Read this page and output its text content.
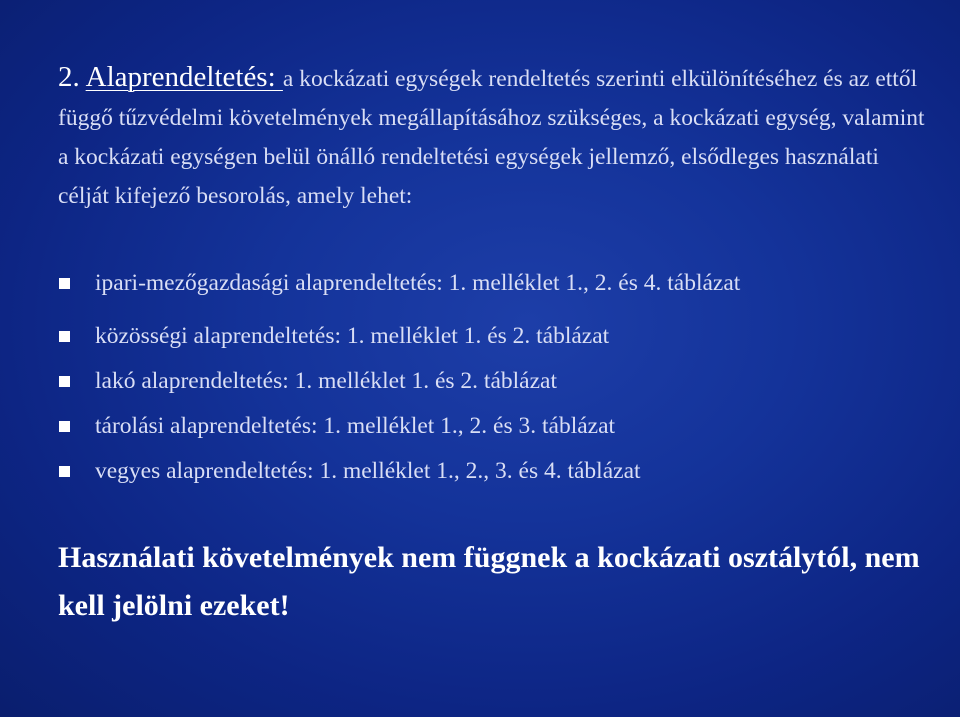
2. Alaprendeltetés: a kockázati egységek rendeltetés szerinti elkülönítéséhez és az ettől függő tűzvédelmi követelmények megállapításához szükséges, a kockázati egység, valamint a kockázati egységen belül önálló rendeltetési egységek jellemző, elsődleges használati célját kifejező besorolás, amely lehet:
ipari-mezőgazdasági alaprendeltetés: 1. melléklet 1., 2. és 4. táblázat
közösségi alaprendeltetés: 1. melléklet 1. és 2. táblázat
lakó alaprendeltetés: 1. melléklet 1. és 2. táblázat
tárolási alaprendeltetés: 1. melléklet 1., 2. és 3. táblázat
vegyes alaprendeltetés: 1. melléklet 1., 2., 3. és 4. táblázat
Használati követelmények nem függnek a kockázati osztálytól, nem kell jelölni ezeket!
